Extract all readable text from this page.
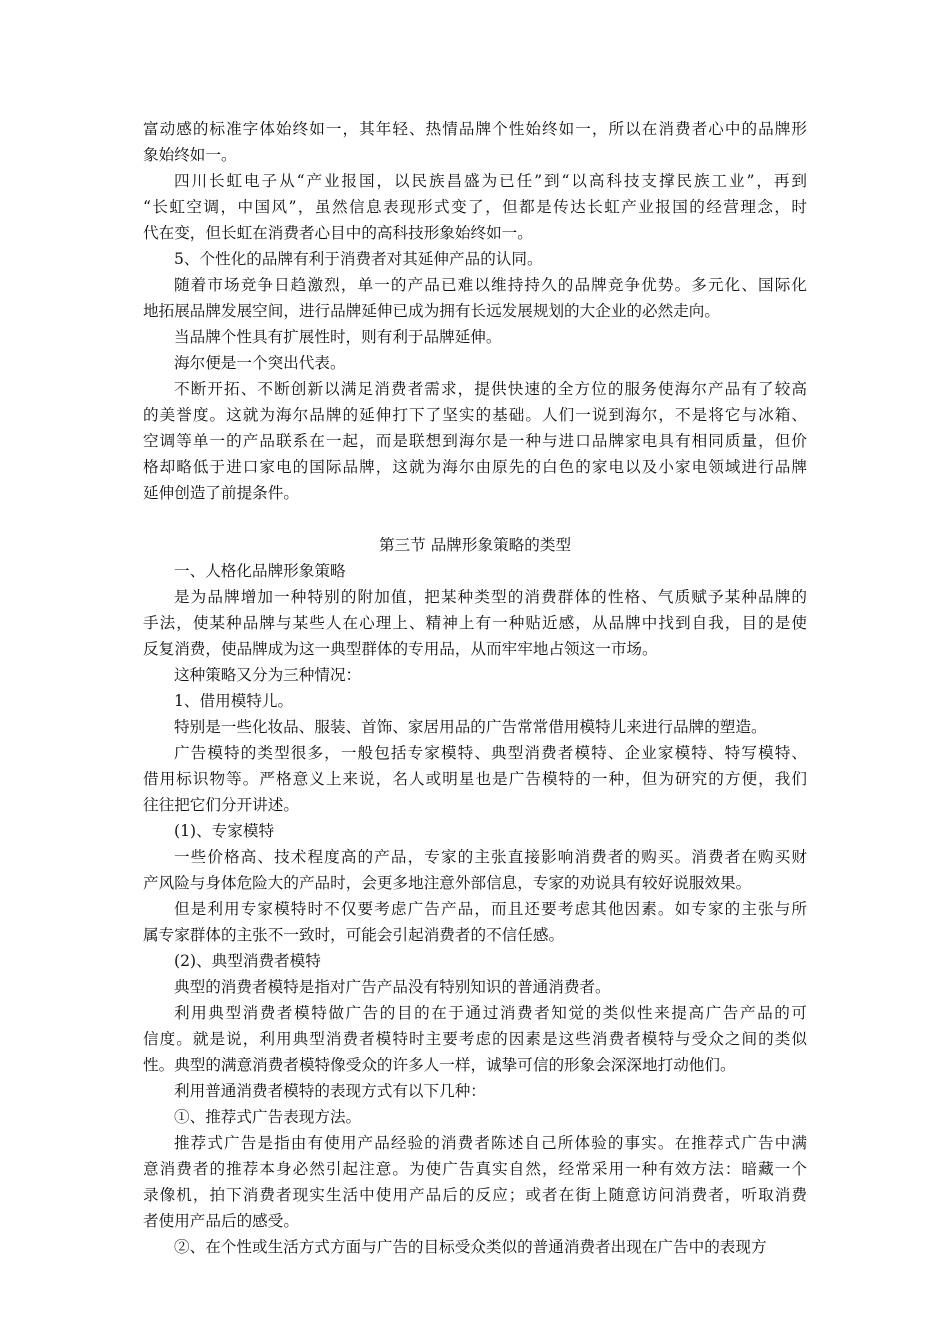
富动感的标准字体始终如一，其年轻、热情品牌个性始终如一，所以在消费者心中的品牌形
象始终如一。
四川长虹电子从“产业报国，以民族昌盛为已任”到“以高科技支撑民族工业”，再到
“长虹空调，中国风”，虽然信息表现形式变了，但都是传达长虹产业报国的经营理念，时
代在变，但长虹在消费者心目中的高科技形象始终如一。
5、个性化的品牌有利于消费者对其延伸产品的认同。
随着市场竞争日趋激烈，单一的产品已难以维持持久的品牌竞争优势。多元化、国际化
地拓展品牌发展空间，进行品牌延伸已成为拥有长远发展规划的大企业的必然走向。
当品牌个性具有扩展性时，则有利于品牌延伸。
海尔便是一个突出代表。
不断开拓、不断创新以满足消费者需求，提供快速的全方位的服务使海尔产品有了较高
的美誉度。这就为海尔品牌的延伸打下了坚实的基础。人们一说到海尔，不是将它与冰箱、
空调等单一的产品联系在一起，而是联想到海尔是一种与进口品牌家电具有相同质量，但价
格却略低于进口家电的国际品牌，这就为海尔由原先的白色的家电以及小家电领域进行品牌
延伸创造了前提条件。
第三节 品牌形象策略的类型
一、人格化品牌形象策略
是为品牌增加一种特别的附加值，把某种类型的消费群体的性格、气质赋予某种品牌的
手法，使某种品牌与某些人在心理上、精神上有一种贴近感，从品牌中找到自我，目的是使
反复消费，使品牌成为这一典型群体的专用品，从而牢牢地占领这一市场。
这种策略又分为三种情况：
1、借用模特儿。
特别是一些化妆品、服装、首饰、家居用品的广告常常借用模特儿来进行品牌的塑造。
广告模特的类型很多，一般包括专家模特、典型消费者模特、企业家模特、特写模特、
借用标识物等。严格意义上来说，名人或明星也是广告模特的一种，但为研究的方便，我们
往往把它们分开讲述。
(1)、专家模特
一些价格高、技术程度高的产品，专家的主张直接影响消费者的购买。消费者在购买财
产风险与身体危险大的产品时，会更多地注意外部信息，专家的劝说具有较好说服效果。
但是利用专家模特时不仅要考虑广告产品，而且还要考虑其他因素。如专家的主张与所
属专家群体的主张不一致时，可能会引起消费者的不信任感。
(2)、典型消费者模特
典型的消费者模特是指对广告产品没有特别知识的普通消费者。
利用典型消费者模特做广告的目的在于通过消费者知觉的类似性来提高广告产品的可
信度。就是说，利用典型消费者模特时主要考虑的因素是这些消费者模特与受众之间的类似
性。典型的满意消费者模特像受众的许多人一样，诚挚可信的形象会深深地打动他们。
利用普通消费者模特的表现方式有以下几种：
①、推荐式广告表现方法。
推荐式广告是指由有使用产品经验的消费者陈述自己所体验的事实。在推荐式广告中满
意消费者的推荐本身必然引起注意。为使广告真实自然，经常采用一种有效方法：暗藏一个
录像机，拍下消费者现实生活中使用产品后的反应；或者在街上随意访问消费者，听取消费
者使用产品后的感受。
②、在个性或生活方式方面与广告的目标受众类似的普通消费者出现在广告中的表现方
